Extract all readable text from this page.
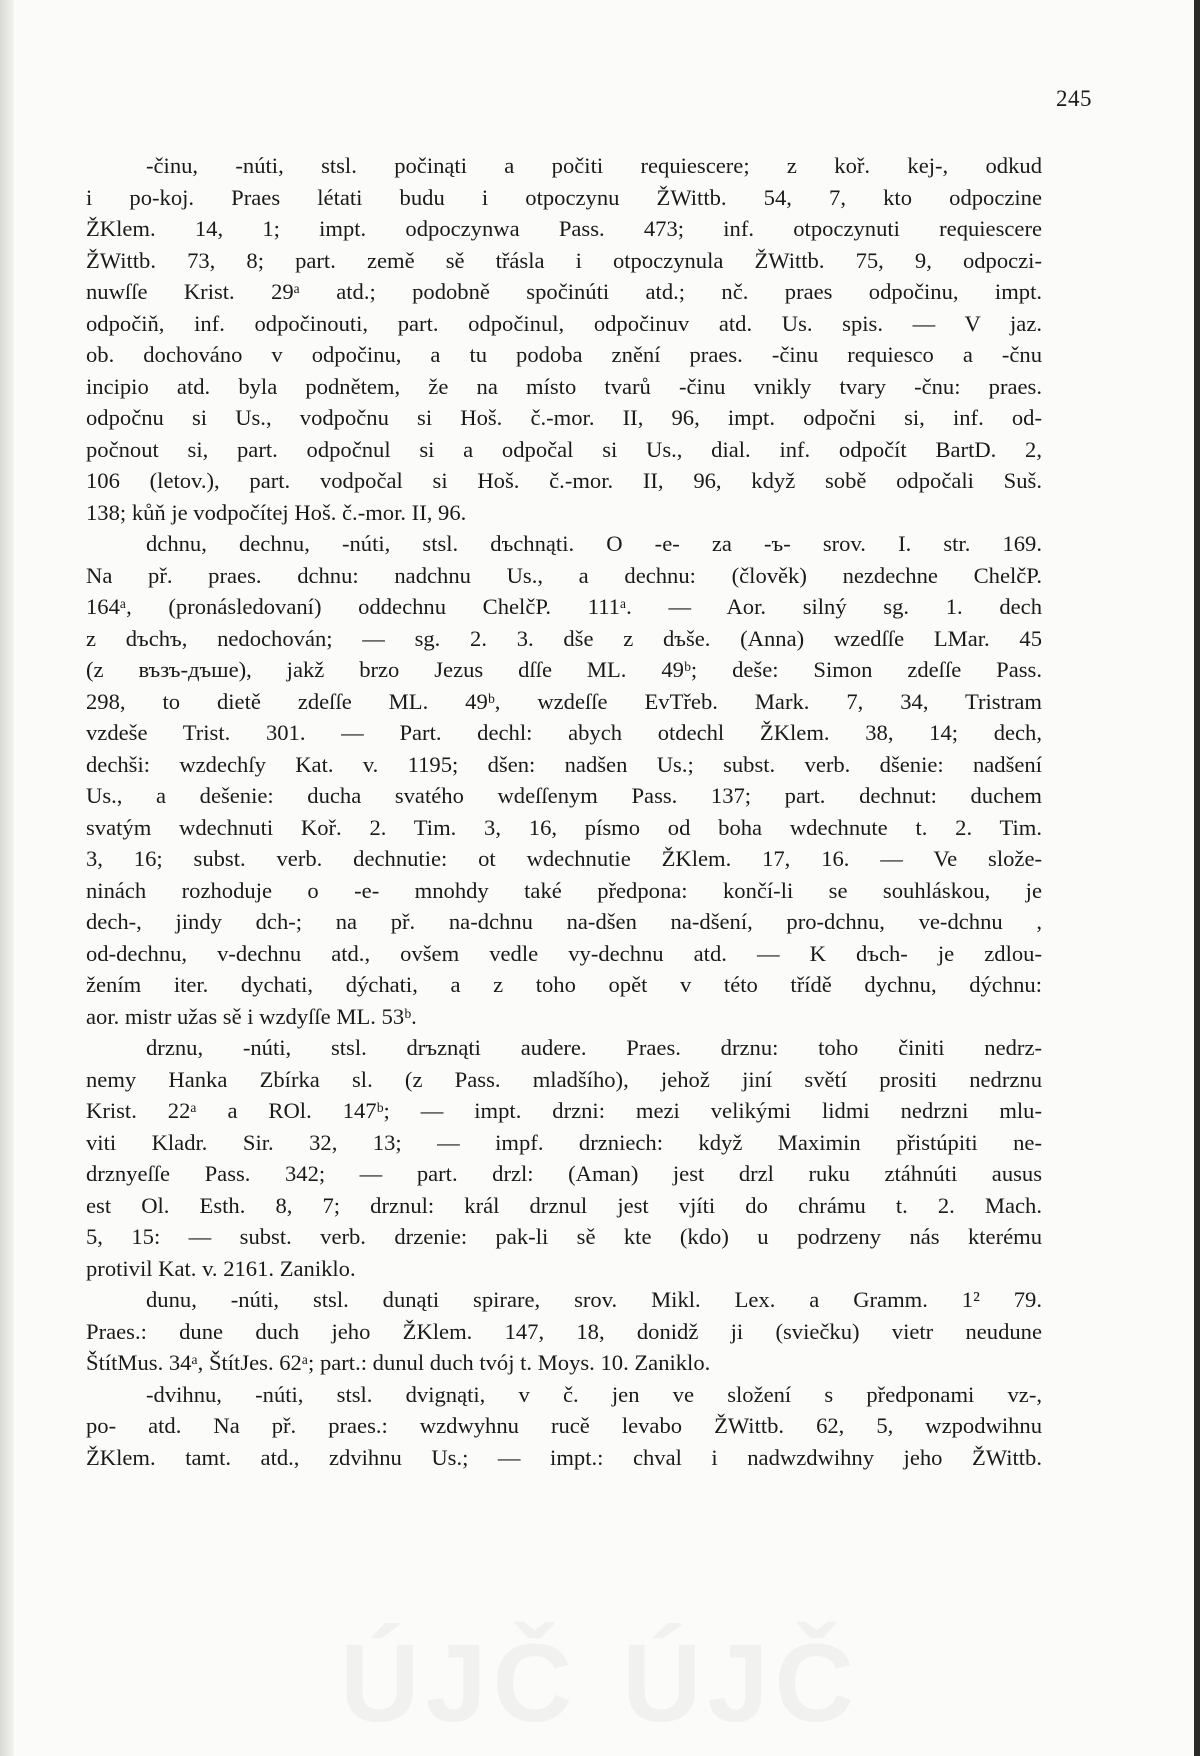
245
-činu, -núti, stsl. počinąti a počiti requiescere; z koř. kej-, odkud
i po-koj. Praes létati budu i otpoczynu ŽWittb. 54, 7, kto odpoczine
ŽKlem. 14, 1; impt. odpoczynwa Pass. 473; inf. otpoczynuti requiescere
ŽWittb. 73, 8; part. země sě třásla i otpoczynula ŽWittb. 75, 9, odpoczi-
nuwſſe Krist. 29ᵃ atd.; podobně spočinúti atd.; nč. praes odpočinu, impt.
odpočiň, inf. odpočinouti, part. odpočinul, odpočinuv atd. Us. spis. — V jaz.
ob. dochováno v odpočinu, a tu podoba znění praes. -činu requiesco a -čnu
incipio atd. byla podnětem, že na místo tvarů -činu vnikly tvary -čnu: praes.
odpočnu si Us., vodpočnu si Hoš. č.-mor. II, 96, impt. odpočni si, inf. od-
počnout si, part. odpočnul si a odpočal si Us., dial. inf. odpočít BartD. 2,
106 (letov.), part. vodpočal si Hoš. č.-mor. II, 96, když sobě odpočali Suš.
138; kůň je vodpočítej Hoš. č.-mor. II, 96.
dchnu, dechnu, -núti, stsl. dъchnąti. O -e- za -ъ- srov. I. str. 169.
Na př. praes. dchnu: nadchnu Us., a dechnu: (člověk) nezdechne ChelčP.
164ᵃ, (pronásledovaní) oddechnu ChelčP. 111ᵃ. — Aor. silný sg. 1. dech
z dъchъ, nedochován; — sg. 2. 3. dše z dъše. (Anna) wzedſſe LMar. 45
(z възъ-дъше), jakž brzo Jezus dſſe ML. 49ᵇ; deše: Simon zdeſſe Pass.
298, to dietě zdeſſe ML. 49ᵇ, wzdeſſe EvTřeb. Mark. 7, 34, Tristram
vzdeše Trist. 301. — Part. dechl: abych otdechl ŽKlem. 38, 14; dech,
dechši: wzdechſy Kat. v. 1195; dšen: nadšen Us.; subst. verb. dšenie: nadšení
Us., a dešenie: ducha svatého wdeſſenym Pass. 137; part. dechnut: duchem
svatým wdechnuti Koř. 2. Tim. 3, 16, písmo od boha wdechnute t. 2. Tim.
3, 16; subst. verb. dechnutie: ot wdechnutie ŽKlem. 17, 16. — Ve slože-
ninách rozhoduje o -e- mnohdy také předpona: končí-li se souhláskou, je
dech-, jindy dch-; na př. na-dchnu na-dšen na-dšení, pro-dchnu, ve-dchnu ,
od-dechnu, v-dechnu atd., ovšem vedle vy-dechnu atd. — K dъch- je zdlou-
žením iter. dychati, dýchati, a z toho opět v této třídě dychnu, dýchnu:
aor. mistr užas sě i wzdyſſe ML. 53ᵇ.
drznu, -núti, stsl. drъznąti audere. Praes. drznu: toho činiti nedrz-
nemy Hanka Zbírka sl. (z Pass. mladšího), jehož jiní světí prositi nedrznu
Krist. 22ᵃ a ROl. 147ᵇ; — impt. drzni: mezi velikými lidmi nedrzni mlu-
viti Kladr. Sir. 32, 13; — impf. drzniech: když Maximin přistúpiti ne-
drznyeſſe Pass. 342; — part. drzl: (Aman) jest drzl ruku ztáhnúti ausus
est Ol. Esth. 8, 7; drznul: král drznul jest vjíti do chrámu t. 2. Mach.
5, 15: — subst. verb. drzenie: pak-li sě kte (kdo) u podrzeny nás kterému
protivil Kat. v. 2161. Zaniklo.
dunu, -núti, stsl. dunąti spirare, srov. Mikl. Lex. a Gramm. 1² 79.
Praes.: dune duch jeho ŽKlem. 147, 18, donidž ji (sviečku) vietr neudune
ŠtítMus. 34ᵃ, ŠtítJes. 62ᵃ; part.: dunul duch tvój t. Moys. 10. Zaniklo.
-dvihnu, -núti, stsl. dvignąti, v č. jen ve složení s předponami vz-,
po- atd. Na př. praes.: wzdwyhnu rucě levabo ŽWittb. 62, 5, wzpodwihnu
ŽKlem. tamt. atd., zdvihnu Us.; — impt.: chval i nadwzdwihny jeho ŽWittb.
ÚJČ ÚJČ
